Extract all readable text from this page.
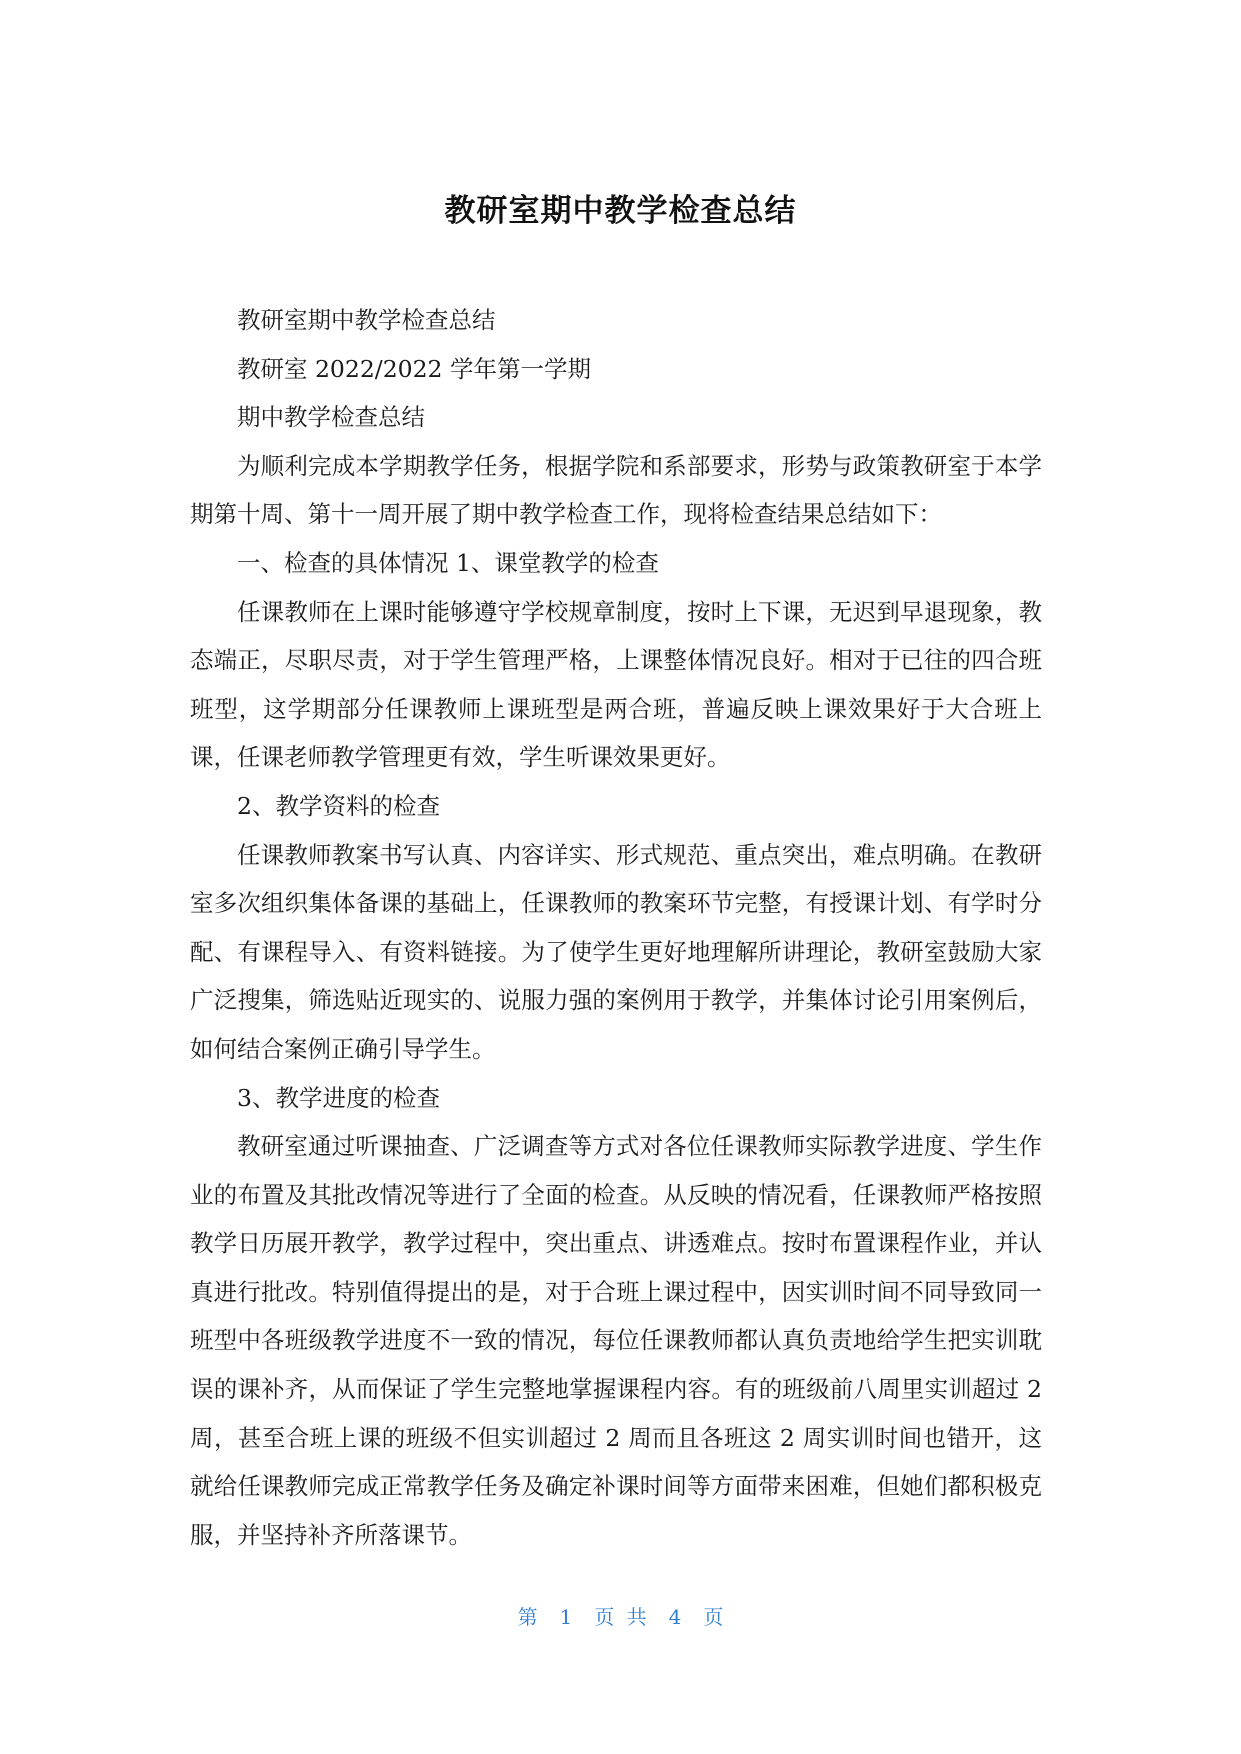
教研室期中教学检查总结

教研室期中教学检查总结

教研室 2022/2022 学年第一学期

期中教学检查总结

为顺利完成本学期教学任务，根据学院和系部要求，形势与政策教研室于本学期第十周、第十一周开展了期中教学检查工作，现将检查结果总结如下：

一、检查的具体情况 1、课堂教学的检查

任课教师在上课时能够遵守学校规章制度，按时上下课，无迟到早退现象，教态端正，尽职尽责，对于学生管理严格，上课整体情况良好。相对于已往的四合班班型，这学期部分任课教师上课班型是两合班，普遍反映上课效果好于大合班上课，任课老师教学管理更有效，学生听课效果更好。

2、教学资料的检查

任课教师教案书写认真、内容详实、形式规范、重点突出，难点明确。在教研室多次组织集体备课的基础上，任课教师的教案环节完整，有授课计划、有学时分配、有课程导入、有资料链接。为了使学生更好地理解所讲理论，教研室鼓励大家广泛搜集，筛选贴近现实的、说服力强的案例用于教学，并集体讨论引用案例后，如何结合案例正确引导学生。

3、教学进度的检查

教研室通过听课抽查、广泛调查等方式对各位任课教师实际教学进度、学生作业的布置及其批改情况等进行了全面的检查。从反映的情况看，任课教师严格按照教学日历展开教学，教学过程中，突出重点、讲透难点。按时布置课程作业，并认真进行批改。特别值得提出的是，对于合班上课过程中，因实训时间不同导致同一班型中各班级教学进度不一致的情况，每位任课教师都认真负责地给学生把实训耽误的课补齐，从而保证了学生完整地掌握课程内容。有的班级前八周里实训超过 2 周，甚至合班上课的班级不但实训超过 2 周而且各班这 2 周实训时间也错开，这就给任课教师完成正常教学任务及确定补课时间等方面带来困难，但她们都积极克服，并坚持补齐所落课节。

第 1 页 共 4 页
